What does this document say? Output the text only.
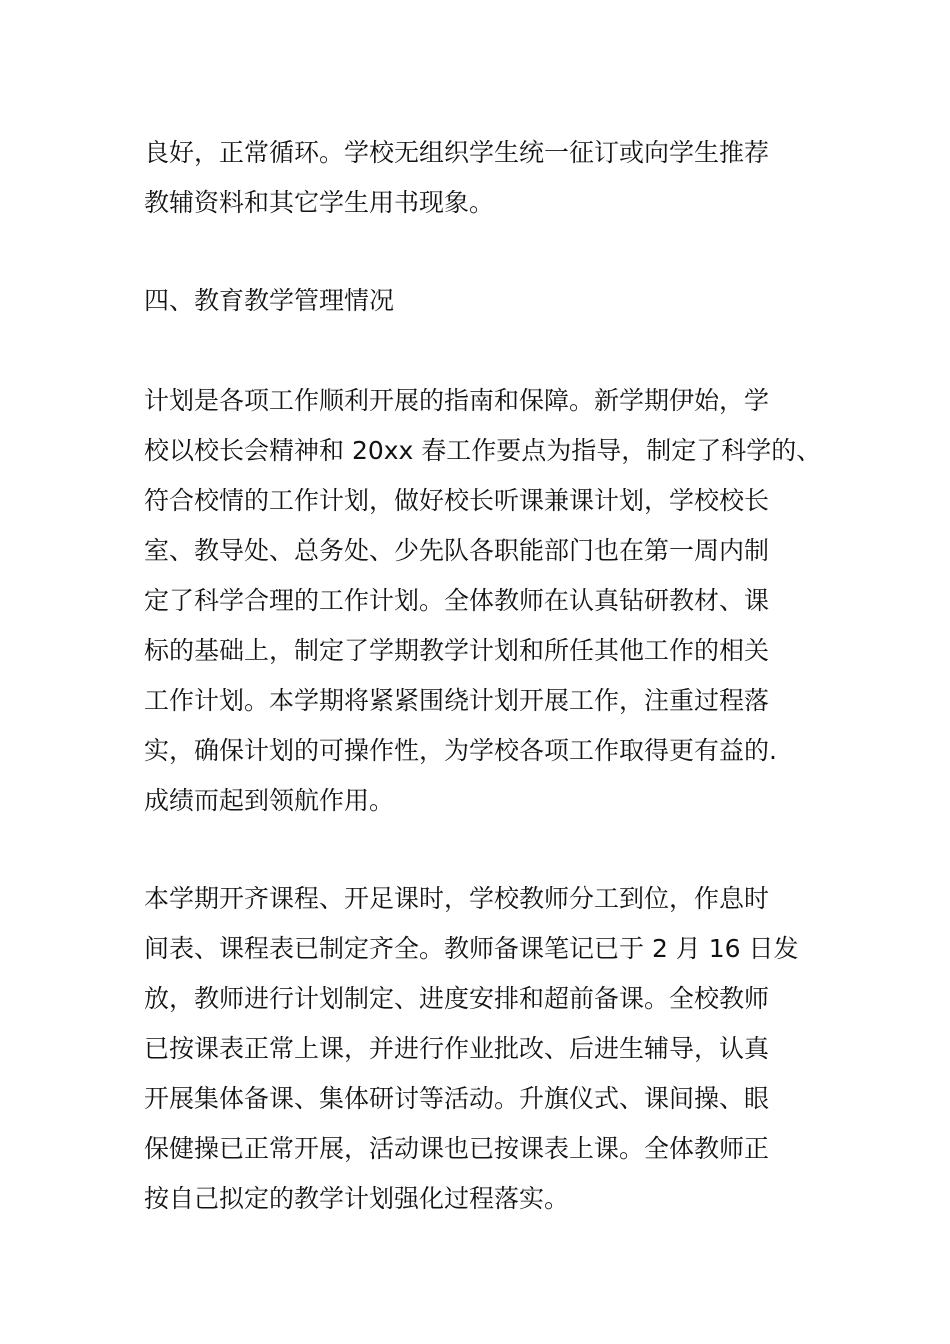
良好，正常循环。学校无组织学生统一征订或向学生推荐
教辅资料和其它学生用书现象。
四、教育教学管理情况
计划是各项工作顺利开展的指南和保障。新学期伊始，学
校以校长会精神和 20xx 春工作要点为指导，制定了科学的、
符合校情的工作计划，做好校长听课兼课计划，学校校长
室、教导处、总务处、少先队各职能部门也在第一周内制
定了科学合理的工作计划。全体教师在认真钻研教材、课
标的基础上，制定了学期教学计划和所任其他工作的相关
工作计划。本学期将紧紧围绕计划开展工作，注重过程落
实，确保计划的可操作性，为学校各项工作取得更有益的.
成绩而起到领航作用。
本学期开齐课程、开足课时，学校教师分工到位，作息时
间表、课程表已制定齐全。教师备课笔记已于 2 月 16 日发
放，教师进行计划制定、进度安排和超前备课。全校教师
已按课表正常上课，并进行作业批改、后进生辅导，认真
开展集体备课、集体研讨等活动。升旗仪式、课间操、眼
保健操已正常开展，活动课也已按课表上课。全体教师正
按自己拟定的教学计划强化过程落实。
